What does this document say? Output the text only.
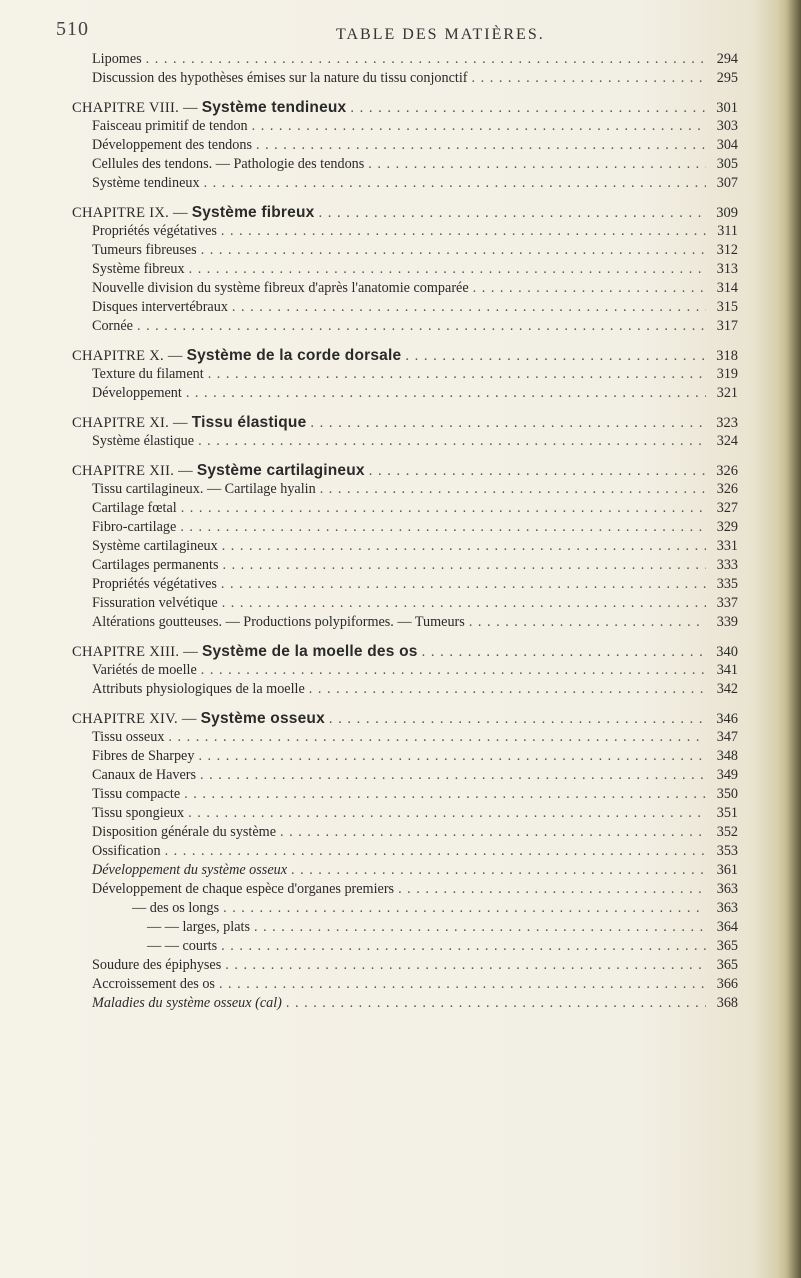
510	TABLE DES MATIÈRES.
Lipomes . . .	294
Discussion des hypothèses émises sur la nature du tissu conjonctif . . .	295
CHAPITRE VIII. — Système tendineux . . .	301
Faisceau primitif de tendon . . .	303
Développement des tendons . . .	304
Cellules des tendons. — Pathologie des tendons . . .	305
Système tendineux . . .	307
CHAPITRE IX. — Système fibreux . . .	309
Propriétés végétatives . . .	311
Tumeurs fibreuses . . .	312
Système fibreux . . .	313
Nouvelle division du système fibreux d'après l'anatomie comparée . . .	314
Disques intervertébraux . . .	315
Cornée . . .	317
CHAPITRE X. — Système de la corde dorsale . . .	318
Texture du filament . . .	319
Développement . . .	321
CHAPITRE XI. — Tissu élastique . . .	323
Système élastique . . .	324
CHAPITRE XII. — Système cartilagineux . . .	326
Tissu cartilagineux. — Cartilage hyalin . . .	326
Cartilage fœtal . . .	327
Fibro-cartilage . . .	329
Système cartilagineux . . .	331
Cartilages permanents . . .	333
Propriétés végétatives . . .	335
Fissuration velvétique . . .	337
Altérations goutteuses. — Productions polypiformes. — Tumeurs . . .	339
CHAPITRE XIII. — Système de la moelle des os . . .	340
Variétés de moelle . . .	341
Attributs physiologiques de la moelle . . .	342
CHAPITRE XIV. — Système osseux . . .	346
Tissu osseux . . .	347
Fibres de Sharpey . . .	348
Canaux de Havers . . .	349
Tissu compacte . . .	350
Tissu spongieux . . .	351
Disposition générale du système . . .	352
Ossification . . .	353
Développement du système osseux . . .	361
Développement de chaque espèce d'organes premiers . . .	363
— des os longs . . .	363
— — larges, plats . . .	364
— — courts . . .	365
Soudure des épiphyses . . .	365
Accroissement des os . . .	366
Maladies du système osseux (cal) . . .	368
